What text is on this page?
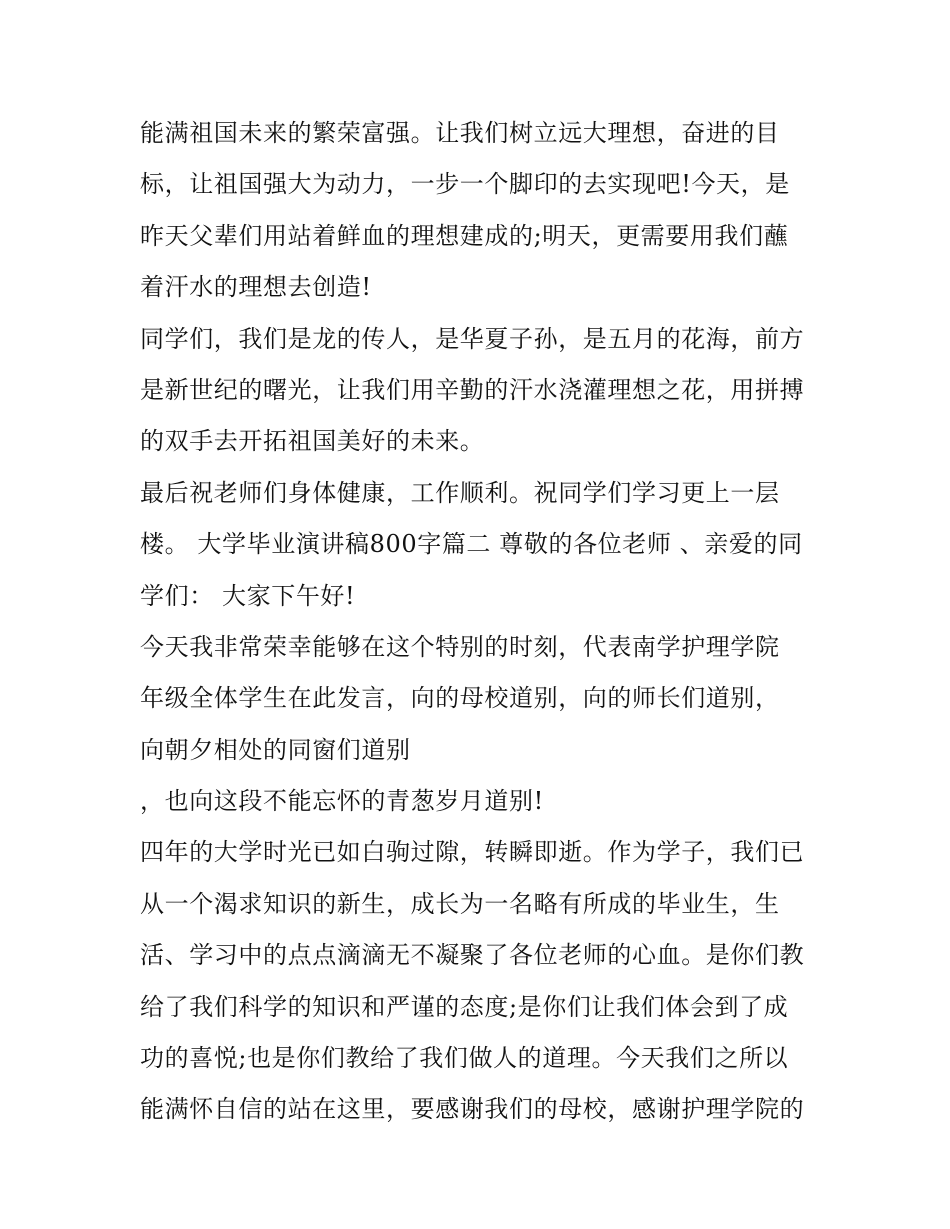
能满祖国未来的繁荣富强。让我们树立远大理想，奋进的目
标，让祖国强大为动力，一步一个脚印的去实现吧!今天，是
昨天父辈们用站着鲜血的理想建成的;明天，更需要用我们蘸
着汗水的理想去创造!
同学们，我们是龙的传人，是华夏子孙，是五月的花海，前方
是新世纪的曙光，让我们用辛勤的汗水浇灌理想之花，用拼搏
的双手去开拓祖国美好的未来。
最后祝老师们身体健康，工作顺利。祝同学们学习更上一层
楼。 大学毕业演讲稿800字篇二 尊敬的各位老师 、亲爱的同
学们： 大家下午好!
今天我非常荣幸能够在这个特别的时刻，代表南学护理学院
年级全体学生在此发言，向的母校道别，向的师长们道别，
向朝夕相处的同窗们道别
，也向这段不能忘怀的青葱岁月道别!
四年的大学时光已如白驹过隙，转瞬即逝。作为学子，我们已
从一个渴求知识的新生，成长为一名略有所成的毕业生，生
活、学习中的点点滴滴无不凝聚了各位老师的心血。是你们教
给了我们科学的知识和严谨的态度;是你们让我们体会到了成
功的喜悦;也是你们教给了我们做人的道理。今天我们之所以
能满怀自信的站在这里，要感谢我们的母校，感谢护理学院的
